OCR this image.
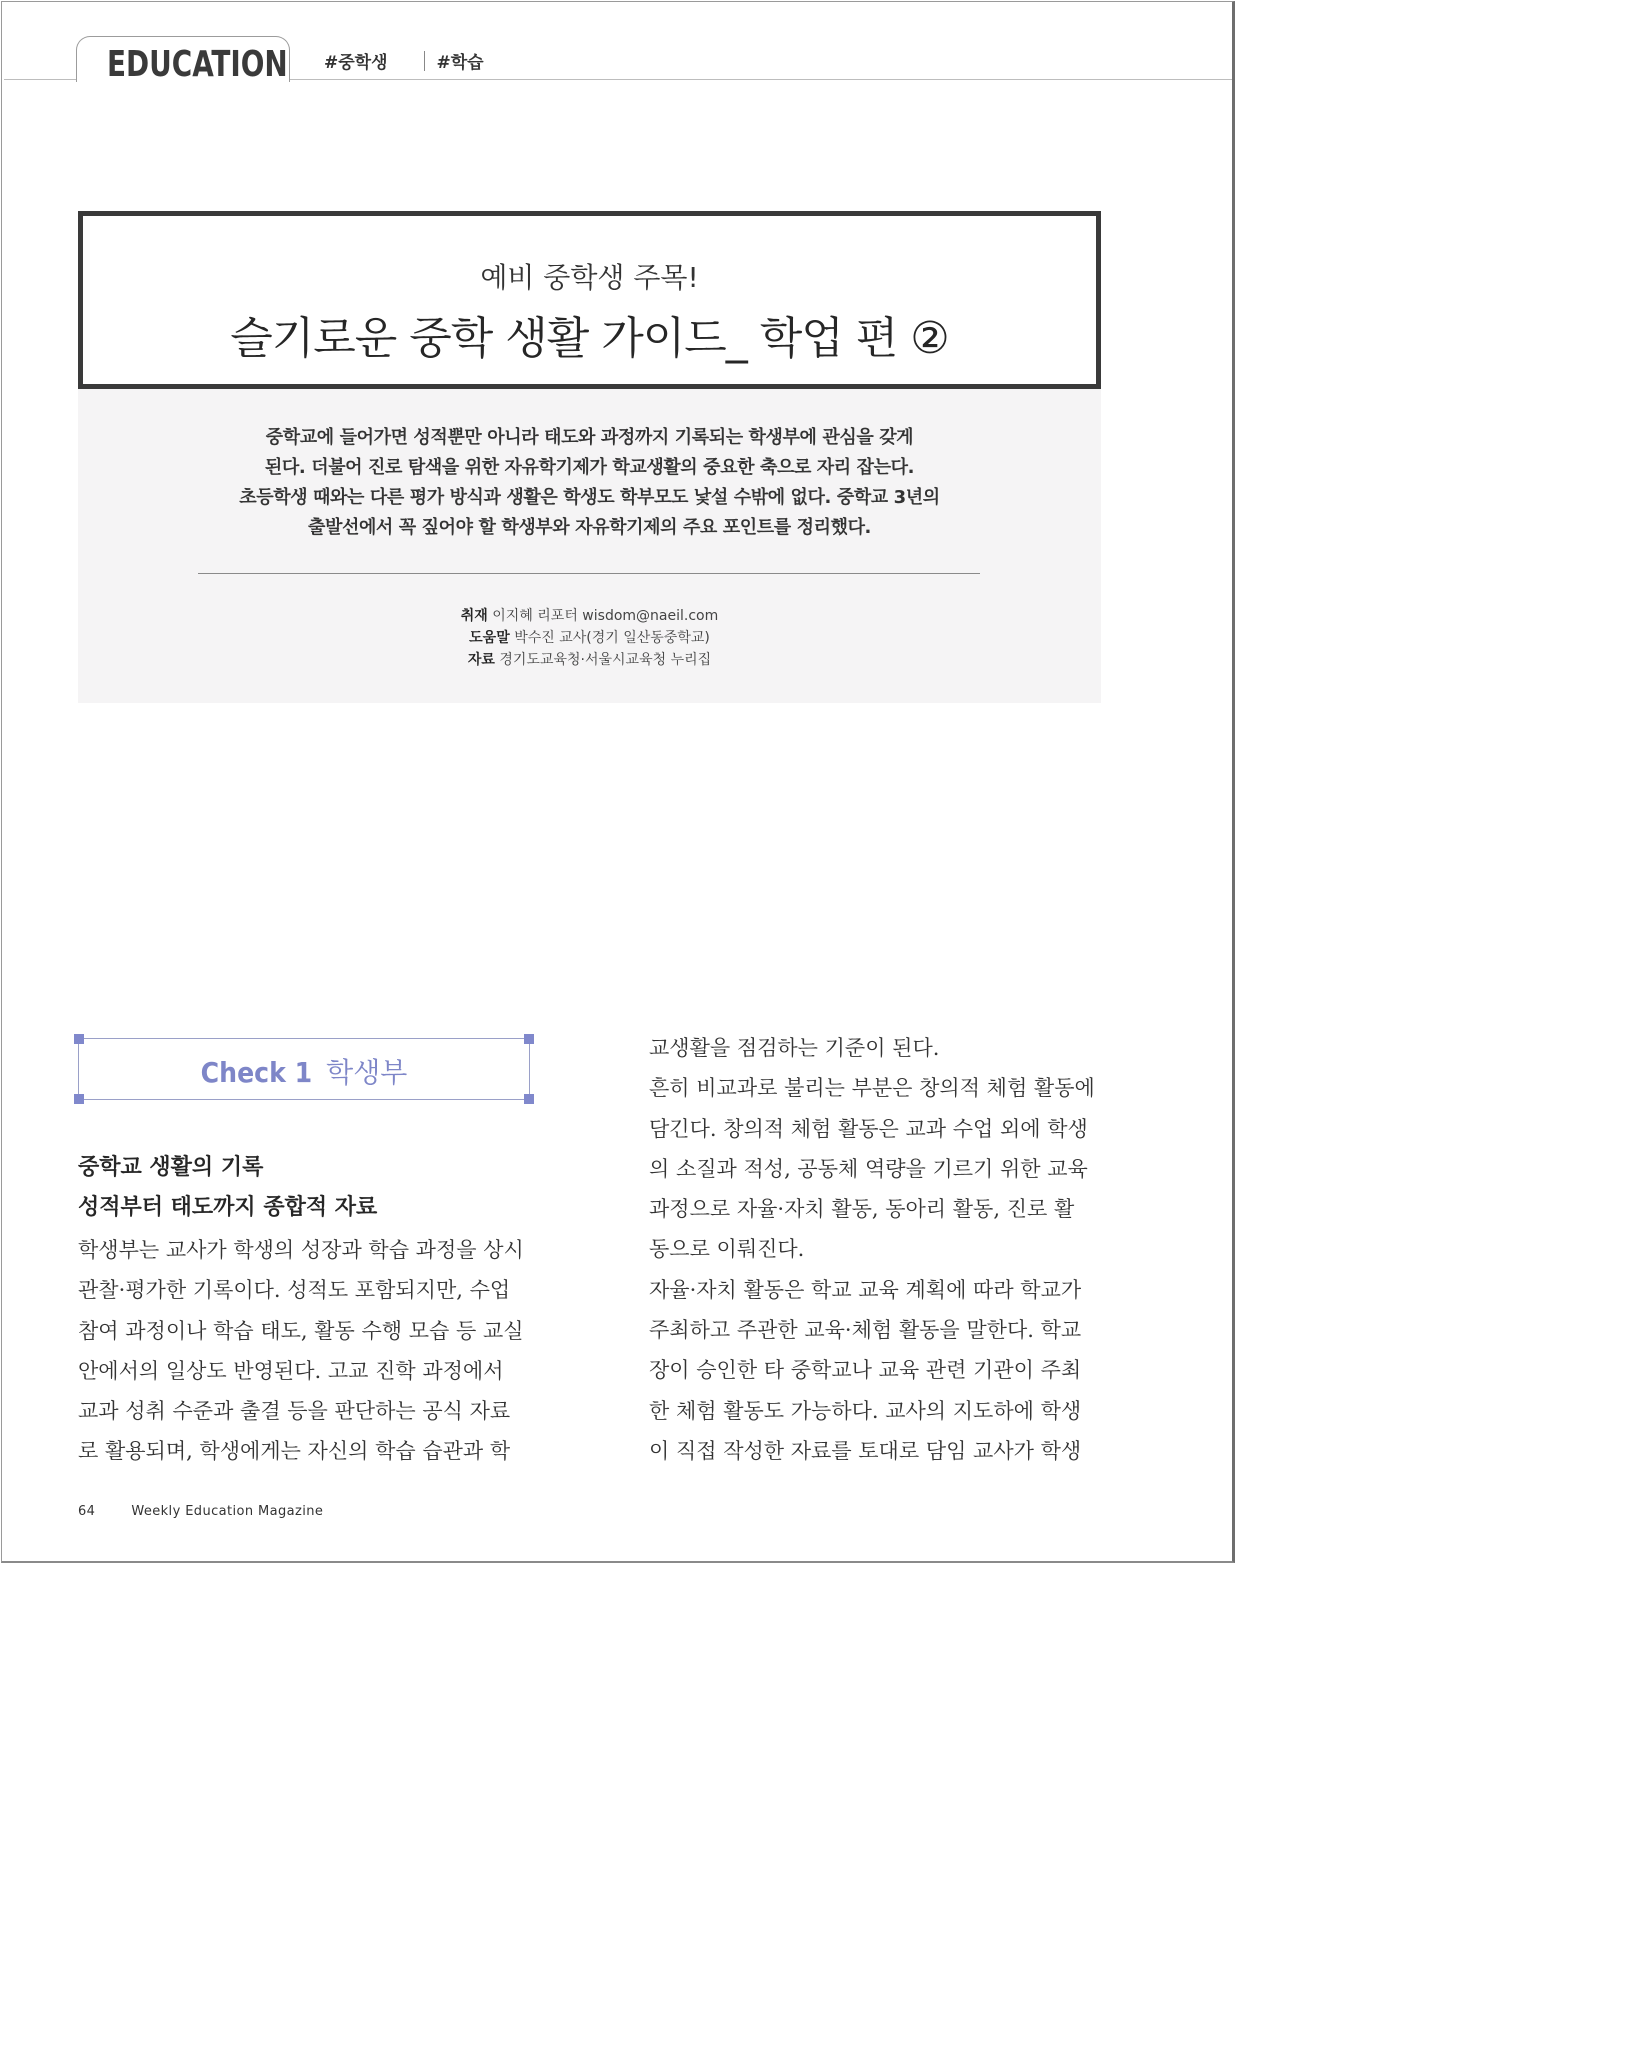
EDUCATION #중학생	#학습
예비 중학생 주목!
슬기로운 중학 생활 가이드_ 학업 편 ②
중학교에 들어가면 성적뿐만 아니라 태도와 과정까지 기록되는 학생부에 관심을 갖게
된다. 더불어 진로 탐색을 위한 자유학기제가 학교생활의 중요한 축으로 자리 잡는다.
초등학생 때와는 다른 평가 방식과 생활은 학생도 학부모도 낯설 수밖에 없다. 중학교 3년의
출발선에서 꼭 짚어야 할 학생부와 자유학기제의 주요 포인트를 정리했다.
취재 이지혜 리포터 wisdom@naeil.com
도움말 박수진 교사(경기 일산동중학교)
자료 경기도교육청·서울시교육청 누리집
Check 1 학생부
중학교 생활의 기록
성적부터 태도까지 종합적 자료
학생부는 교사가 학생의 성장과 학습 과정을 상시
관찰·평가한 기록이다. 성적도 포함되지만, 수업
참여 과정이나 학습 태도, 활동 수행 모습 등 교실
안에서의 일상도 반영된다. 고교 진학 과정에서
교과 성취 수준과 출결 등을 판단하는 공식 자료
로 활용되며, 학생에게는 자신의 학습 습관과 학
교생활을 점검하는 기준이 된다.
흔히 비교과로 불리는 부분은 창의적 체험 활동에
담긴다. 창의적 체험 활동은 교과 수업 외에 학생
의 소질과 적성, 공동체 역량을 기르기 위한 교육
과정으로 자율·자치 활동, 동아리 활동, 진로 활
동으로 이뤄진다.
자율·자치 활동은 학교 교육 계획에 따라 학교가
주최하고 주관한 교육·체험 활동을 말한다. 학교
장이 승인한 타 중학교나 교육 관련 기관이 주최
한 체험 활동도 가능하다. 교사의 지도하에 학생
이 직접 작성한 자료를 토대로 담임 교사가 학생
64	Weekly Education Magazine
